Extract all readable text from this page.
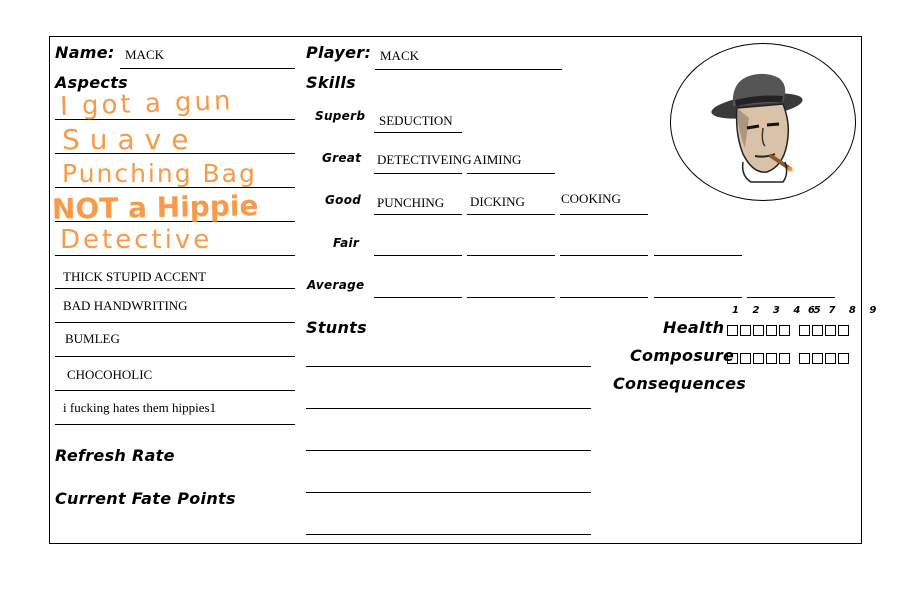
Name: MACK	Player: MACK
Aspects
I got a gun
Suave
Punching Bag
NOT a Hippie
Detective
THICK STUPID ACCENT
BAD HANDWRITING
BUMLEG
CHOCOHOLIC
i fucking hates them hippies1
Refresh Rate
Current Fate Points
Skills
Superb SEDUCTION
Great DETECTIVEING AIMING
Good PUNCHING DICKING	COOKING
Fair
Average
Stunts
1 2 3 4 5
6 7 8 9
Health
Composure
Consequences
